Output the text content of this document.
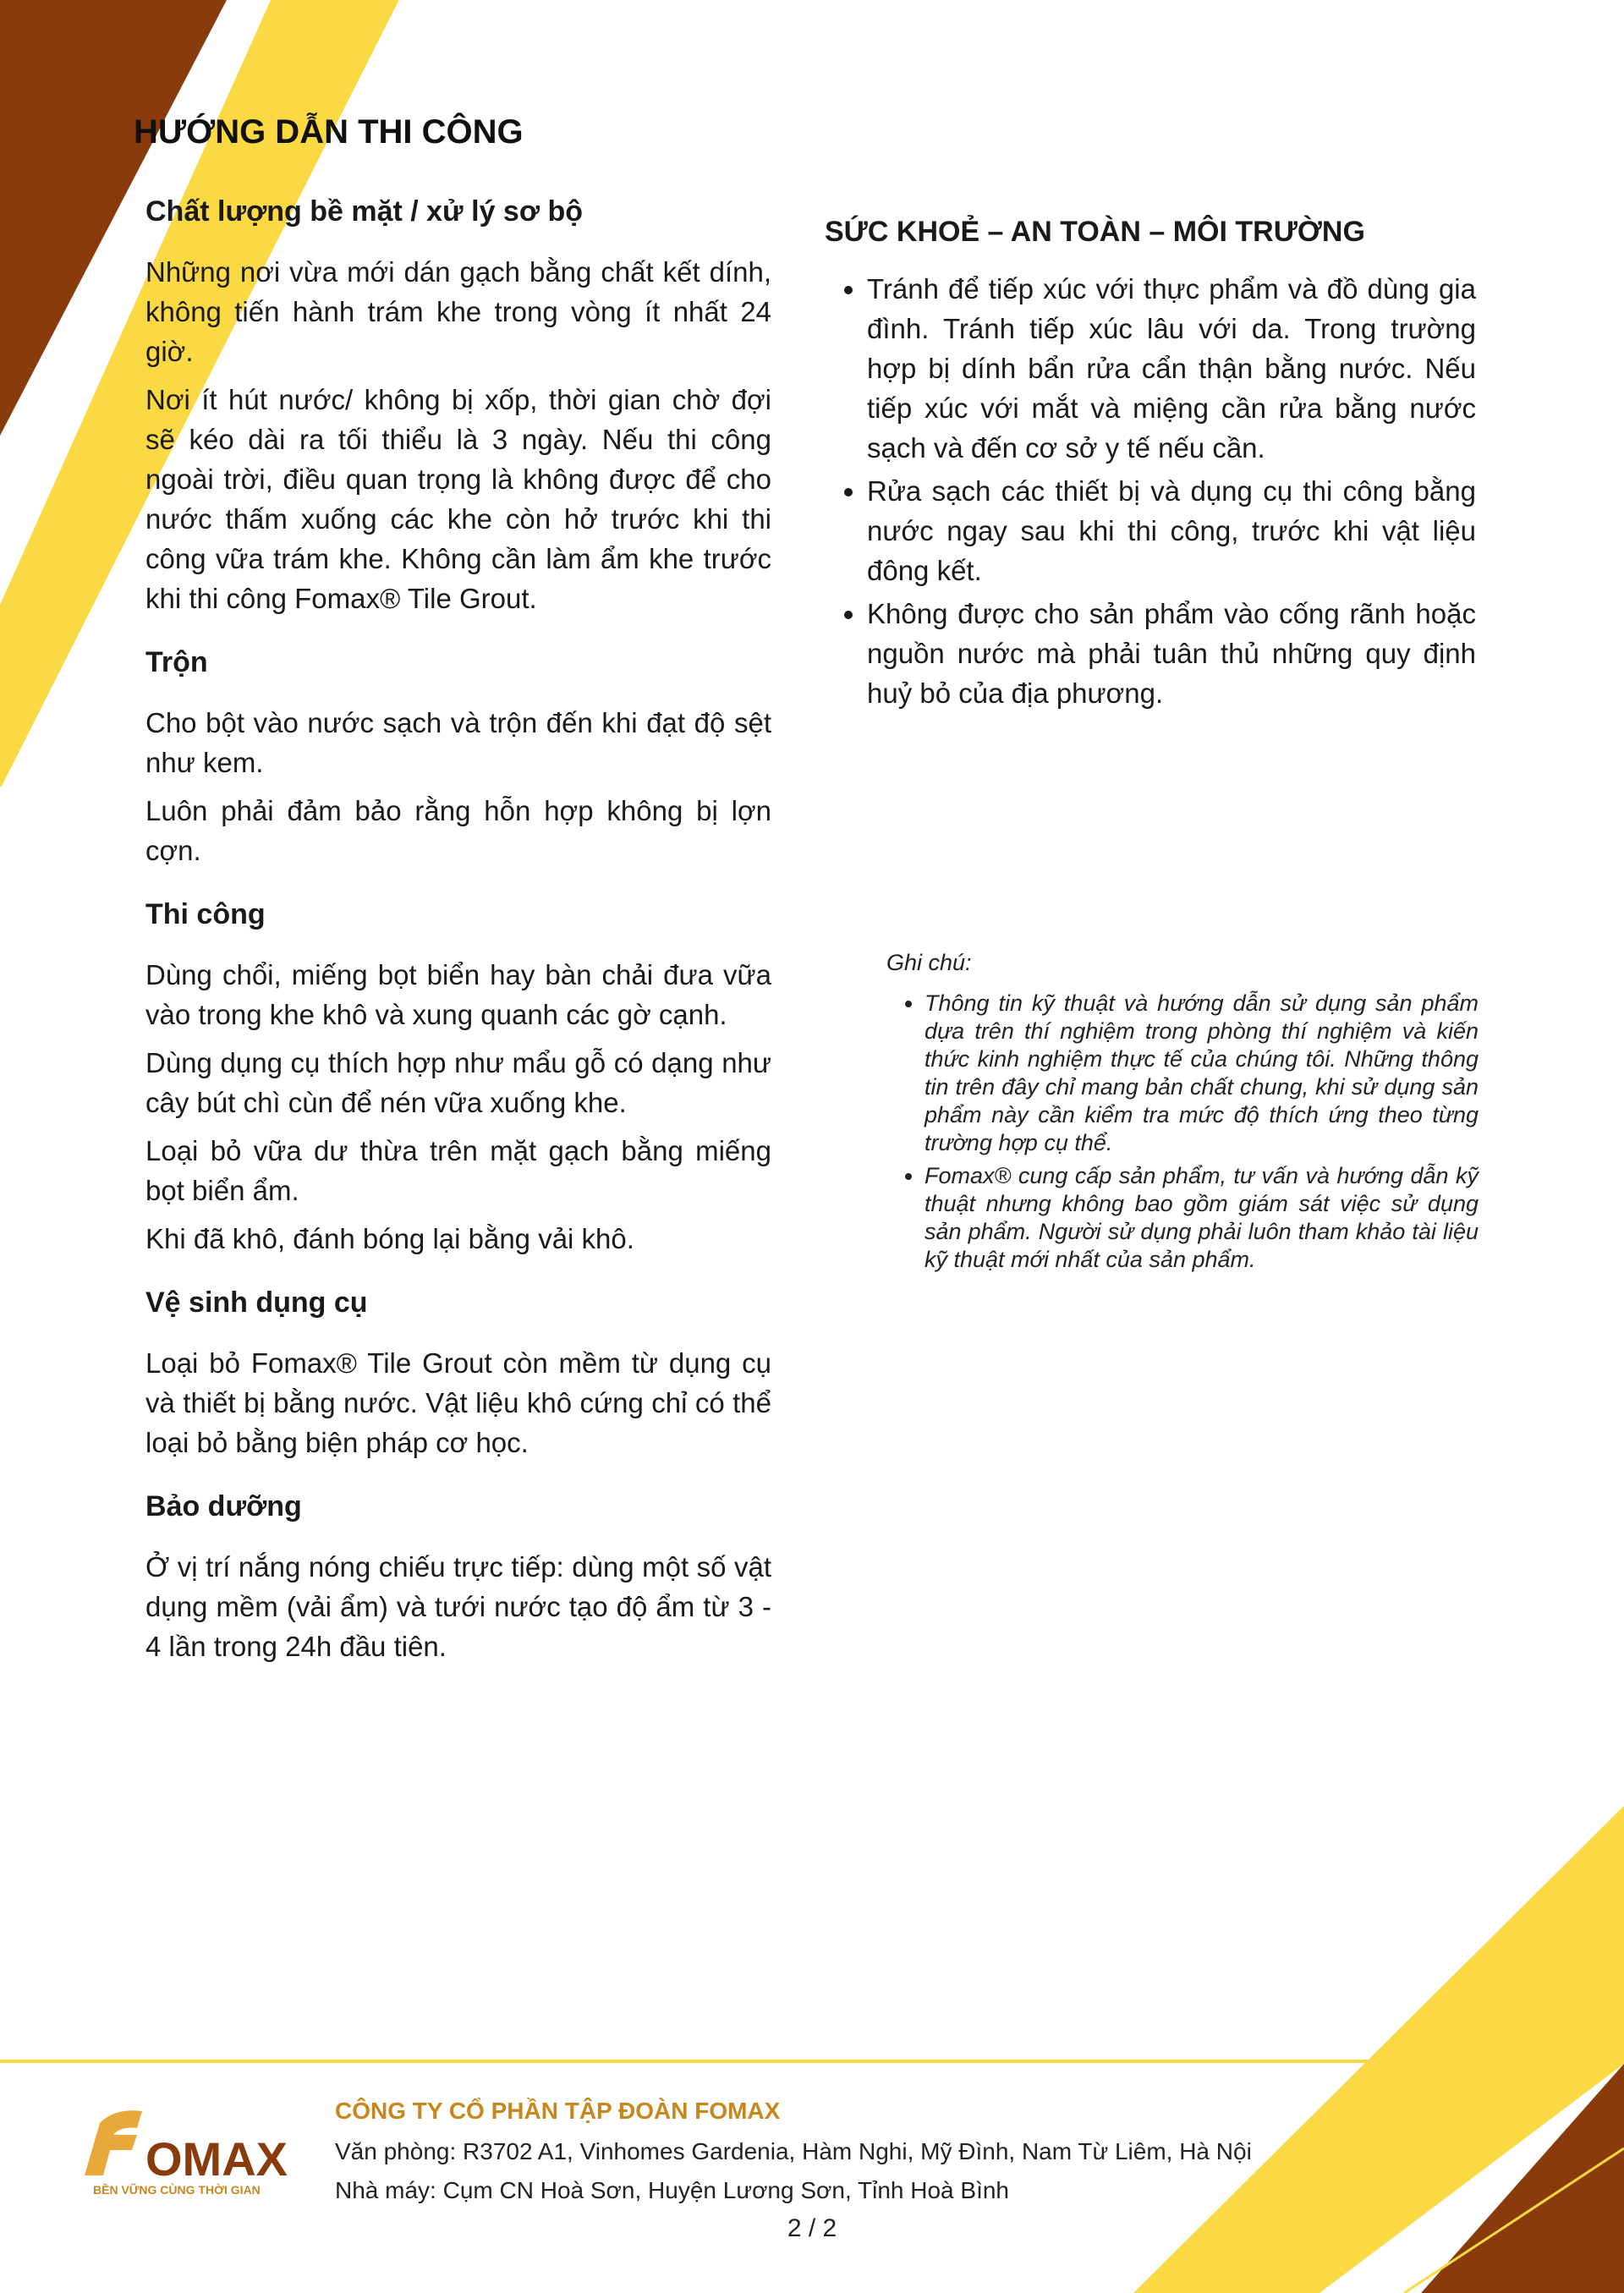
HƯỚNG DẪN THI CÔNG
Chất lượng bề mặt / xử lý sơ bộ

Những nơi vừa mới dán gạch bằng chất kết dính, không tiến hành trám khe trong vòng ít nhất 24 giờ.

Nơi ít hút nước/ không bị xốp, thời gian chờ đợi sẽ kéo dài ra tối thiểu là 3 ngày. Nếu thi công ngoài trời, điều quan trọng là không được để cho nước thấm xuống các khe còn hở trước khi thi công vữa trám khe. Không cần làm ẩm khe trước khi thi công Fomax® Tile Grout.

Trộn

Cho bột vào nước sạch và trộn đến khi đạt độ sệt như kem.

Luôn phải đảm bảo rằng hỗn hợp không bị lợn cợn.

Thi công

Dùng chổi, miếng bọt biển hay bàn chải đưa vữa vào trong khe khô và xung quanh các gờ cạnh.

Dùng dụng cụ thích hợp như mẩu gỗ có dạng như cây bút chì cùn để nén vữa xuống khe.

Loại bỏ vữa dư thừa trên mặt gạch bằng miếng bọt biển ẩm.

Khi đã khô, đánh bóng lại bằng vải khô.

Vệ sinh dụng cụ

Loại bỏ Fomax® Tile Grout còn mềm từ dụng cụ và thiết bị bằng nước. Vật liệu khô cứng chỉ có thể loại bỏ bằng biện pháp cơ học.

Bảo dưỡng

Ở vị trí nắng nóng chiếu trực tiếp: dùng một số vật dụng mềm (vải ẩm) và tưới nước tạo độ ẩm từ 3 - 4 lần trong 24h đầu tiên.

SỨC KHOẺ – AN TOÀN – MÔI TRƯỜNG
• Tránh để tiếp xúc với thực phẩm và đồ dùng gia đình. Tránh tiếp xúc lâu với da. Trong trường hợp bị dính bẩn rửa cẩn thận bằng nước. Nếu tiếp xúc với mắt và miệng cần rửa bằng nước sạch và đến cơ sở y tế nếu cần.
• Rửa sạch các thiết bị và dụng cụ thi công bằng nước ngay sau khi thi công, trước khi vật liệu đông kết.
• Không được cho sản phẩm vào cống rãnh hoặc nguồn nước mà phải tuân thủ những quy định huỷ bỏ của địa phương.

Ghi chú:

• Thông tin kỹ thuật và hướng dẫn sử dụng sản phẩm dựa trên thí nghiệm trong phòng thí nghiệm và kiến thức kinh nghiệm thực tế của chúng tôi. Những thông tin trên đây chỉ mang bản chất chung, khi sử dụng sản phẩm này cần kiểm tra mức độ thích ứng theo từng trường hợp cụ thể.
• Fomax® cung cấp sản phẩm, tư vấn và hướng dẫn kỹ thuật nhưng không bao gồm giám sát việc sử dụng sản phẩm. Người sử dụng phải luôn tham khảo tài liệu kỹ thuật mới nhất của sản phẩm.
OMAX
BỀN VỮNG CÙNG THỜI GIAN

CÔNG TY CỔ PHẦN TẬP ĐOÀN FOMAX

Văn phòng: R3702 A1, Vinhomes Gardenia, Hàm Nghi, Mỹ Đình, Nam Từ Liêm, Hà Nội

Nhà máy: Cụm CN Hoà Sơn, Huyện Lương Sơn, Tỉnh Hoà Bình

2 / 2
